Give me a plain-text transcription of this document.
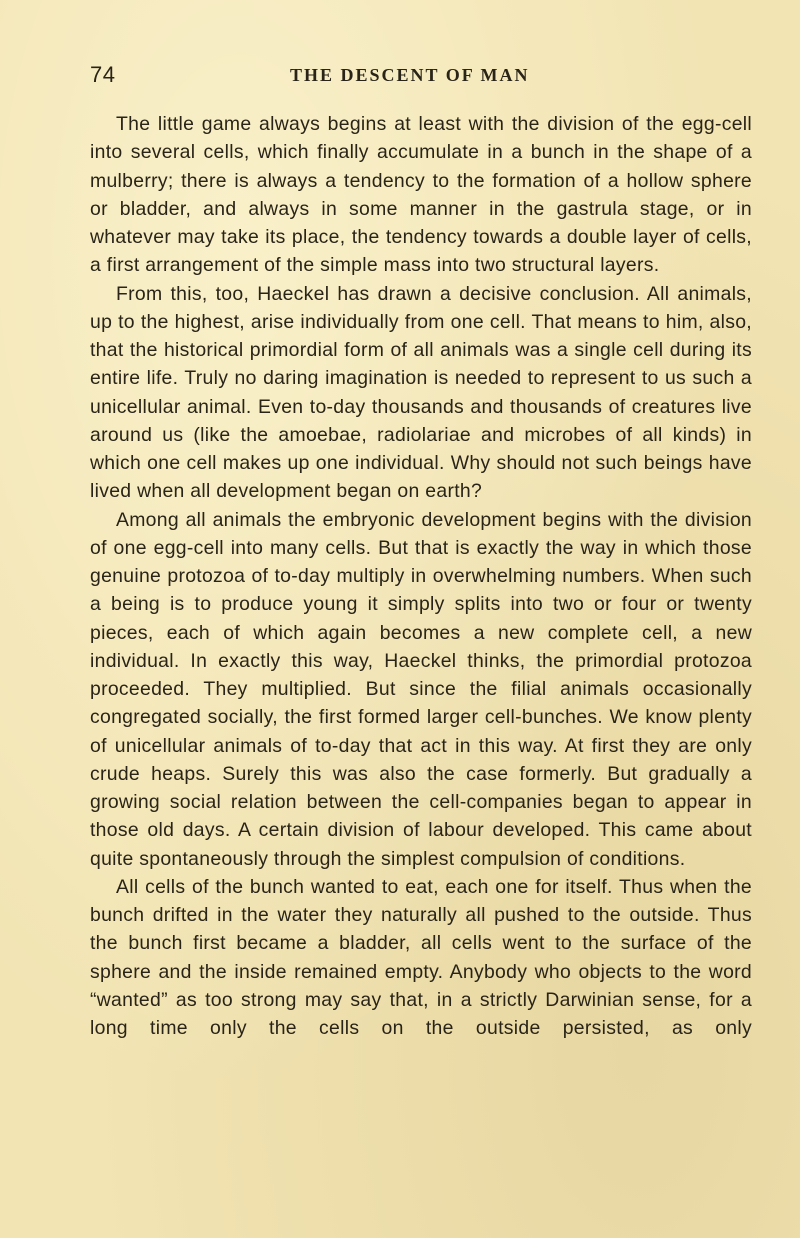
74	THE DESCENT OF MAN

The little game always begins at least with the division of the egg-cell into several cells, which finally accumulate in a bunch in the shape of a mulberry; there is always a tendency to the formation of a hollow sphere or bladder, and always in some manner in the gastrula stage, or in whatever may take its place, the tendency towards a double layer of cells, a first arrangement of the simple mass into two structural layers.

From this, too, Haeckel has drawn a decisive conclusion. All animals, up to the highest, arise individually from one cell. That means to him, also, that the historical primordial form of all animals was a single cell during its entire life. Truly no daring imagination is needed to represent to us such a unicellular animal. Even to-day thousands and thousands of creatures live around us (like the amoebae, radiolariae and microbes of all kinds) in which one cell makes up one individual. Why should not such beings have lived when all development began on earth?

Among all animals the embryonic development begins with the division of one egg-cell into many cells. But that is exactly the way in which those genuine protozoa of to-day multiply in overwhelming numbers. When such a being is to produce young it simply splits into two or four or twenty pieces, each of which again becomes a new complete cell, a new individual. In exactly this way, Haeckel thinks, the primordial protozoa proceeded. They multiplied. But since the filial animals occasionally congregated socially, the first formed larger cell-bunches. We know plenty of unicellular animals of to-day that act in this way. At first they are only crude heaps. Surely this was also the case formerly. But gradually a growing social relation between the cell-companies began to appear in those old days. A certain division of labour developed. This came about quite spontaneously through the simplest compulsion of conditions.

All cells of the bunch wanted to eat, each one for itself. Thus when the bunch drifted in the water they naturally all pushed to the outside. Thus the bunch first became a bladder, all cells went to the surface of the sphere and the inside remained empty. Anybody who objects to the word “wanted” as too strong may say that, in a strictly Darwinian sense, for a long time only the cells on the outside persisted, as only
